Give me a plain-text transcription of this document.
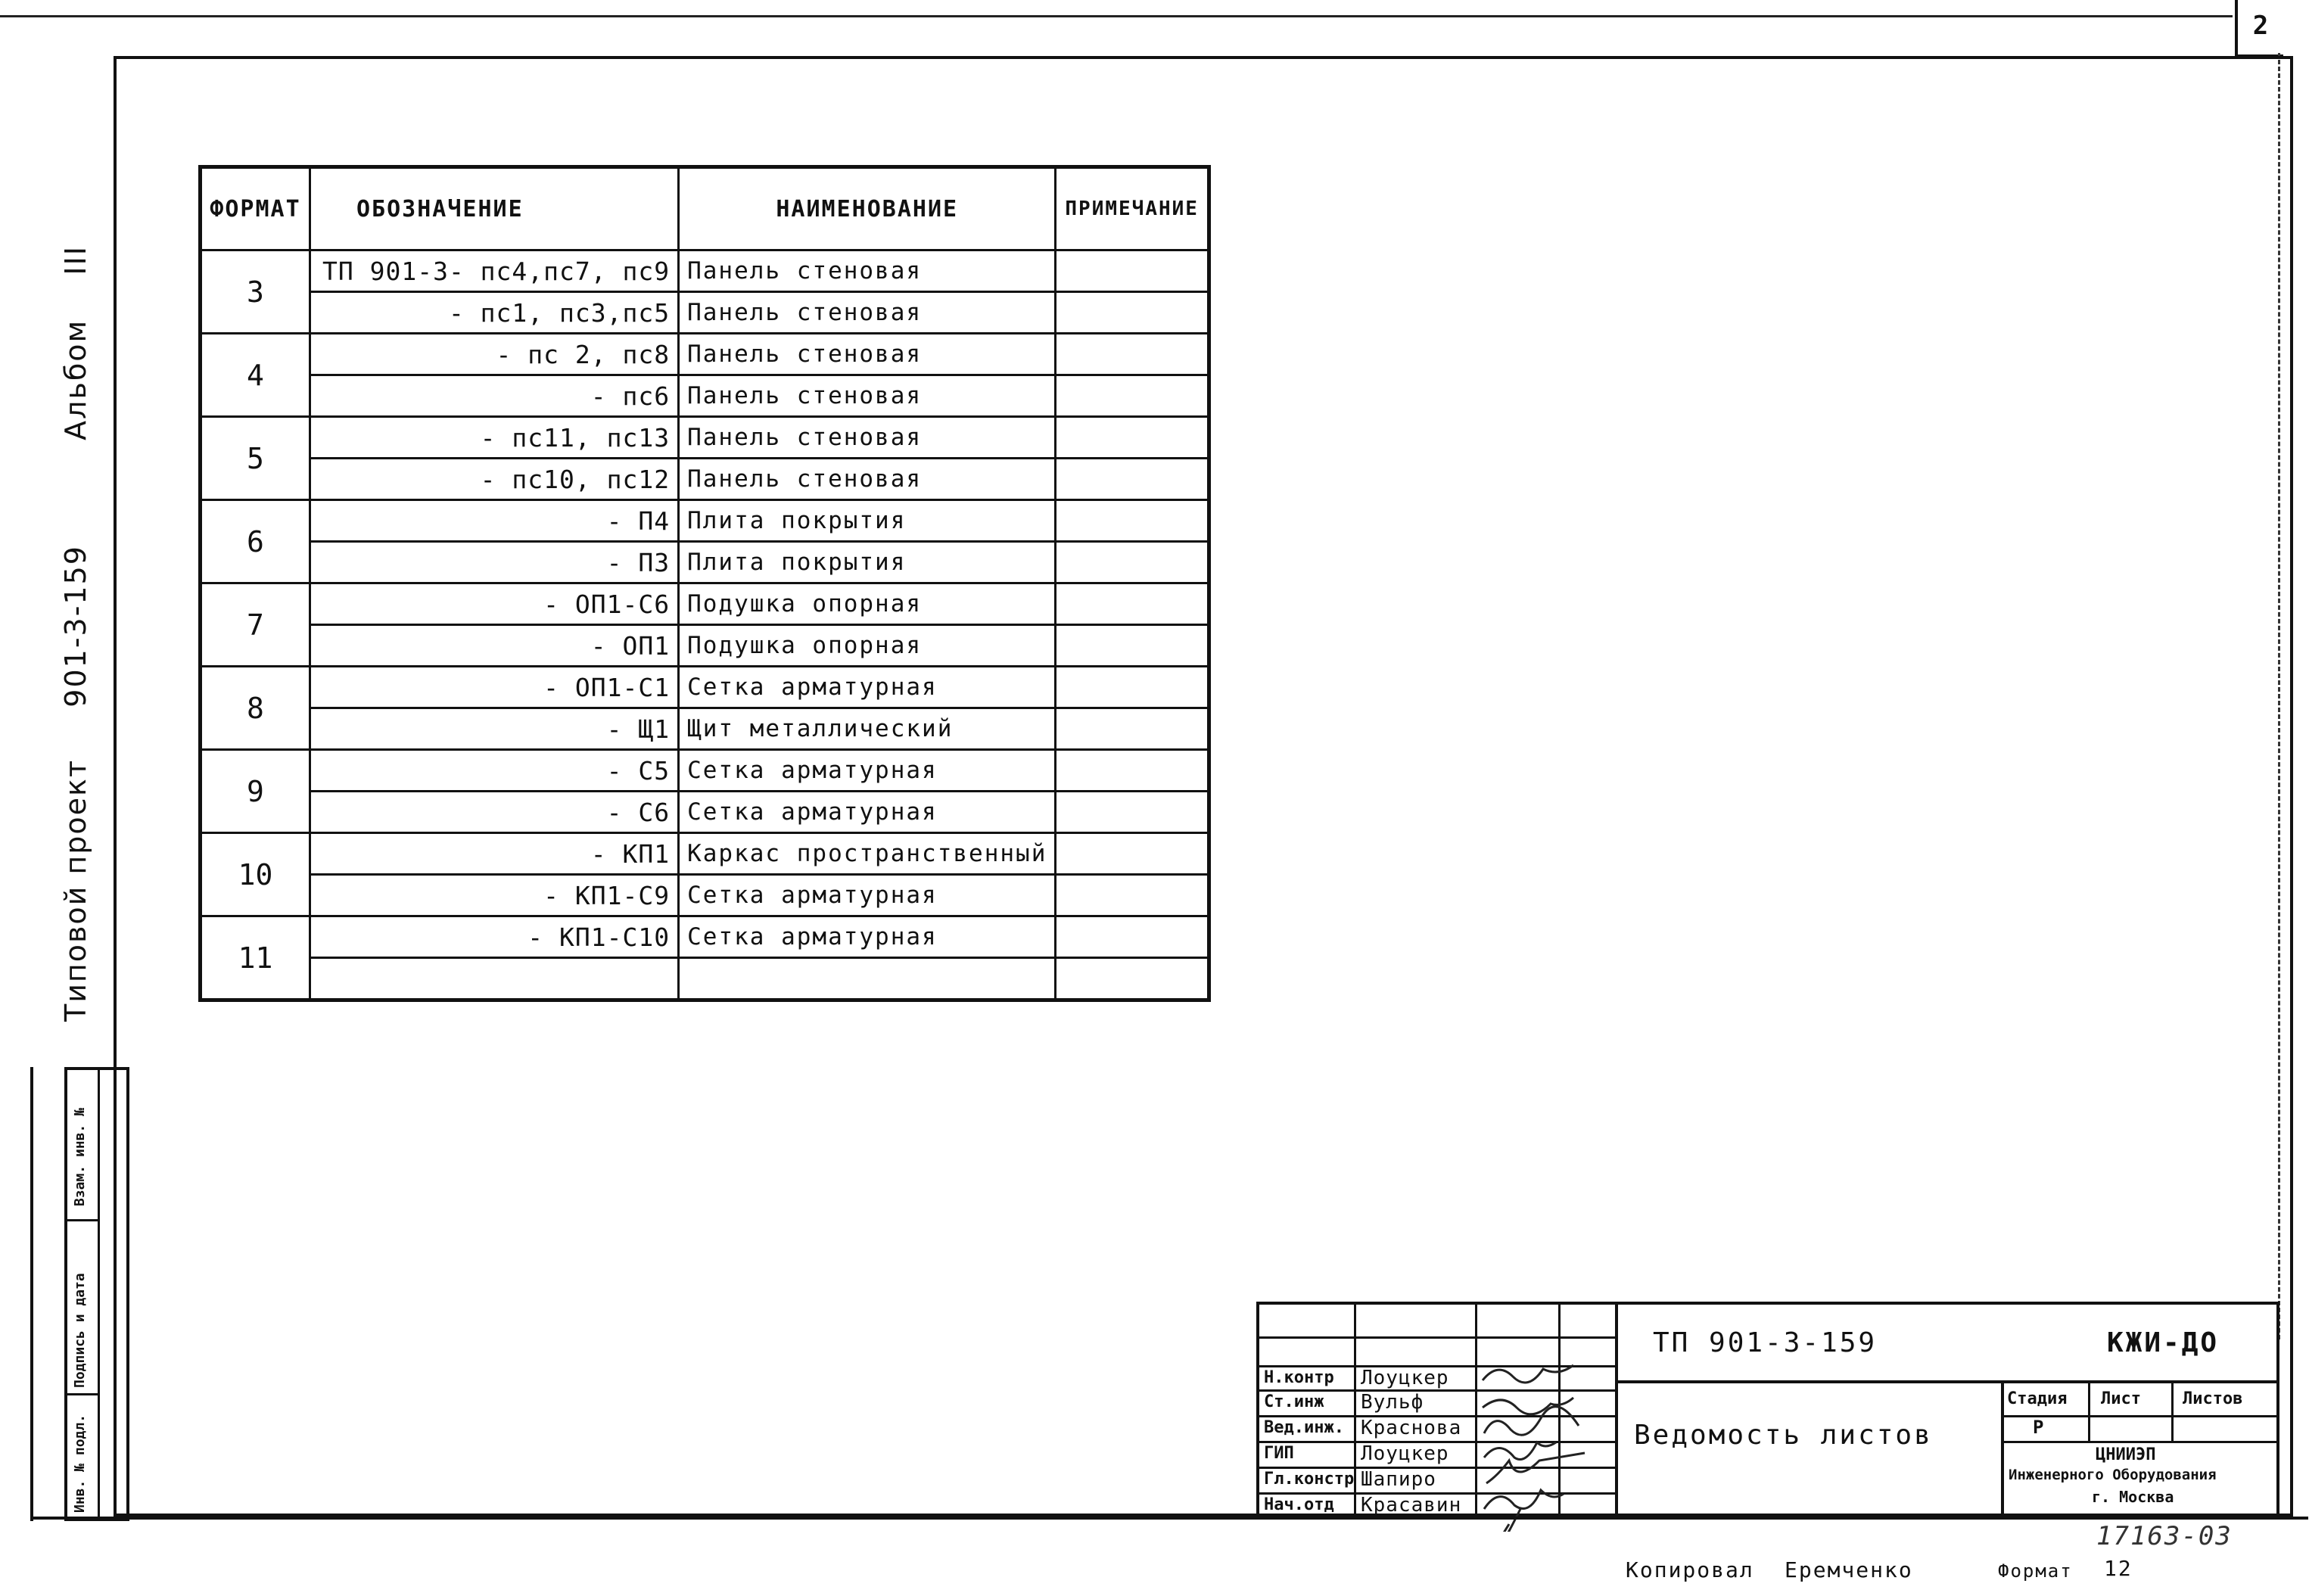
2
Типовой проект  901-3-159  Альбом  III
Взам. инв. №
Подпись и дата
Инв. № подл.
ФОРМАТ	ОБОЗНАЧЕНИЕ	НАИМЕНОВАНИЕ	ПРИМЕЧАНИЕ
3	ТП 901-3- пс4,пс7, пс9	Панель стеновая	
	- пс1, пс3,пс5	Панель стеновая	
4	- пс 2, пс8	Панель стеновая	
	- пс6	Панель стеновая	
5	- пс11, пс13	Панель стеновая	
	- пс10, пс12	Панель стеновая	
6	- П4	Плита покрытия	
	- П3	Плита покрытия	
7	- ОП1-С6	Подушка опорная	
	- ОП1	Подушка опорная	
8	- ОП1-С1	Сетка арматурная	
	- Щ1	Щит металлический	
9	- С5	Сетка арматурная	
	- С6	Сетка арматурная	
10	- КП1	Каркас пространственный	
	- КП1-С9	Сетка арматурная	
11	- КП1-С10	Сетка арматурная	

Н.контр Лоуцкер
Ст.инж Вульф
Вед.инж. Краснова
ГИП	Лоуцкер
Гл.констр Шапиро
Нач.отд Красавин
ТП 901-3-159	КЖИ-ДО
Ведомость листов
Стадия Лист	Листов
Р
ЦНИИЭП
Инженерного Оборудования
г. Москва
Копировал Еремченко	Формат 12
17163-03
